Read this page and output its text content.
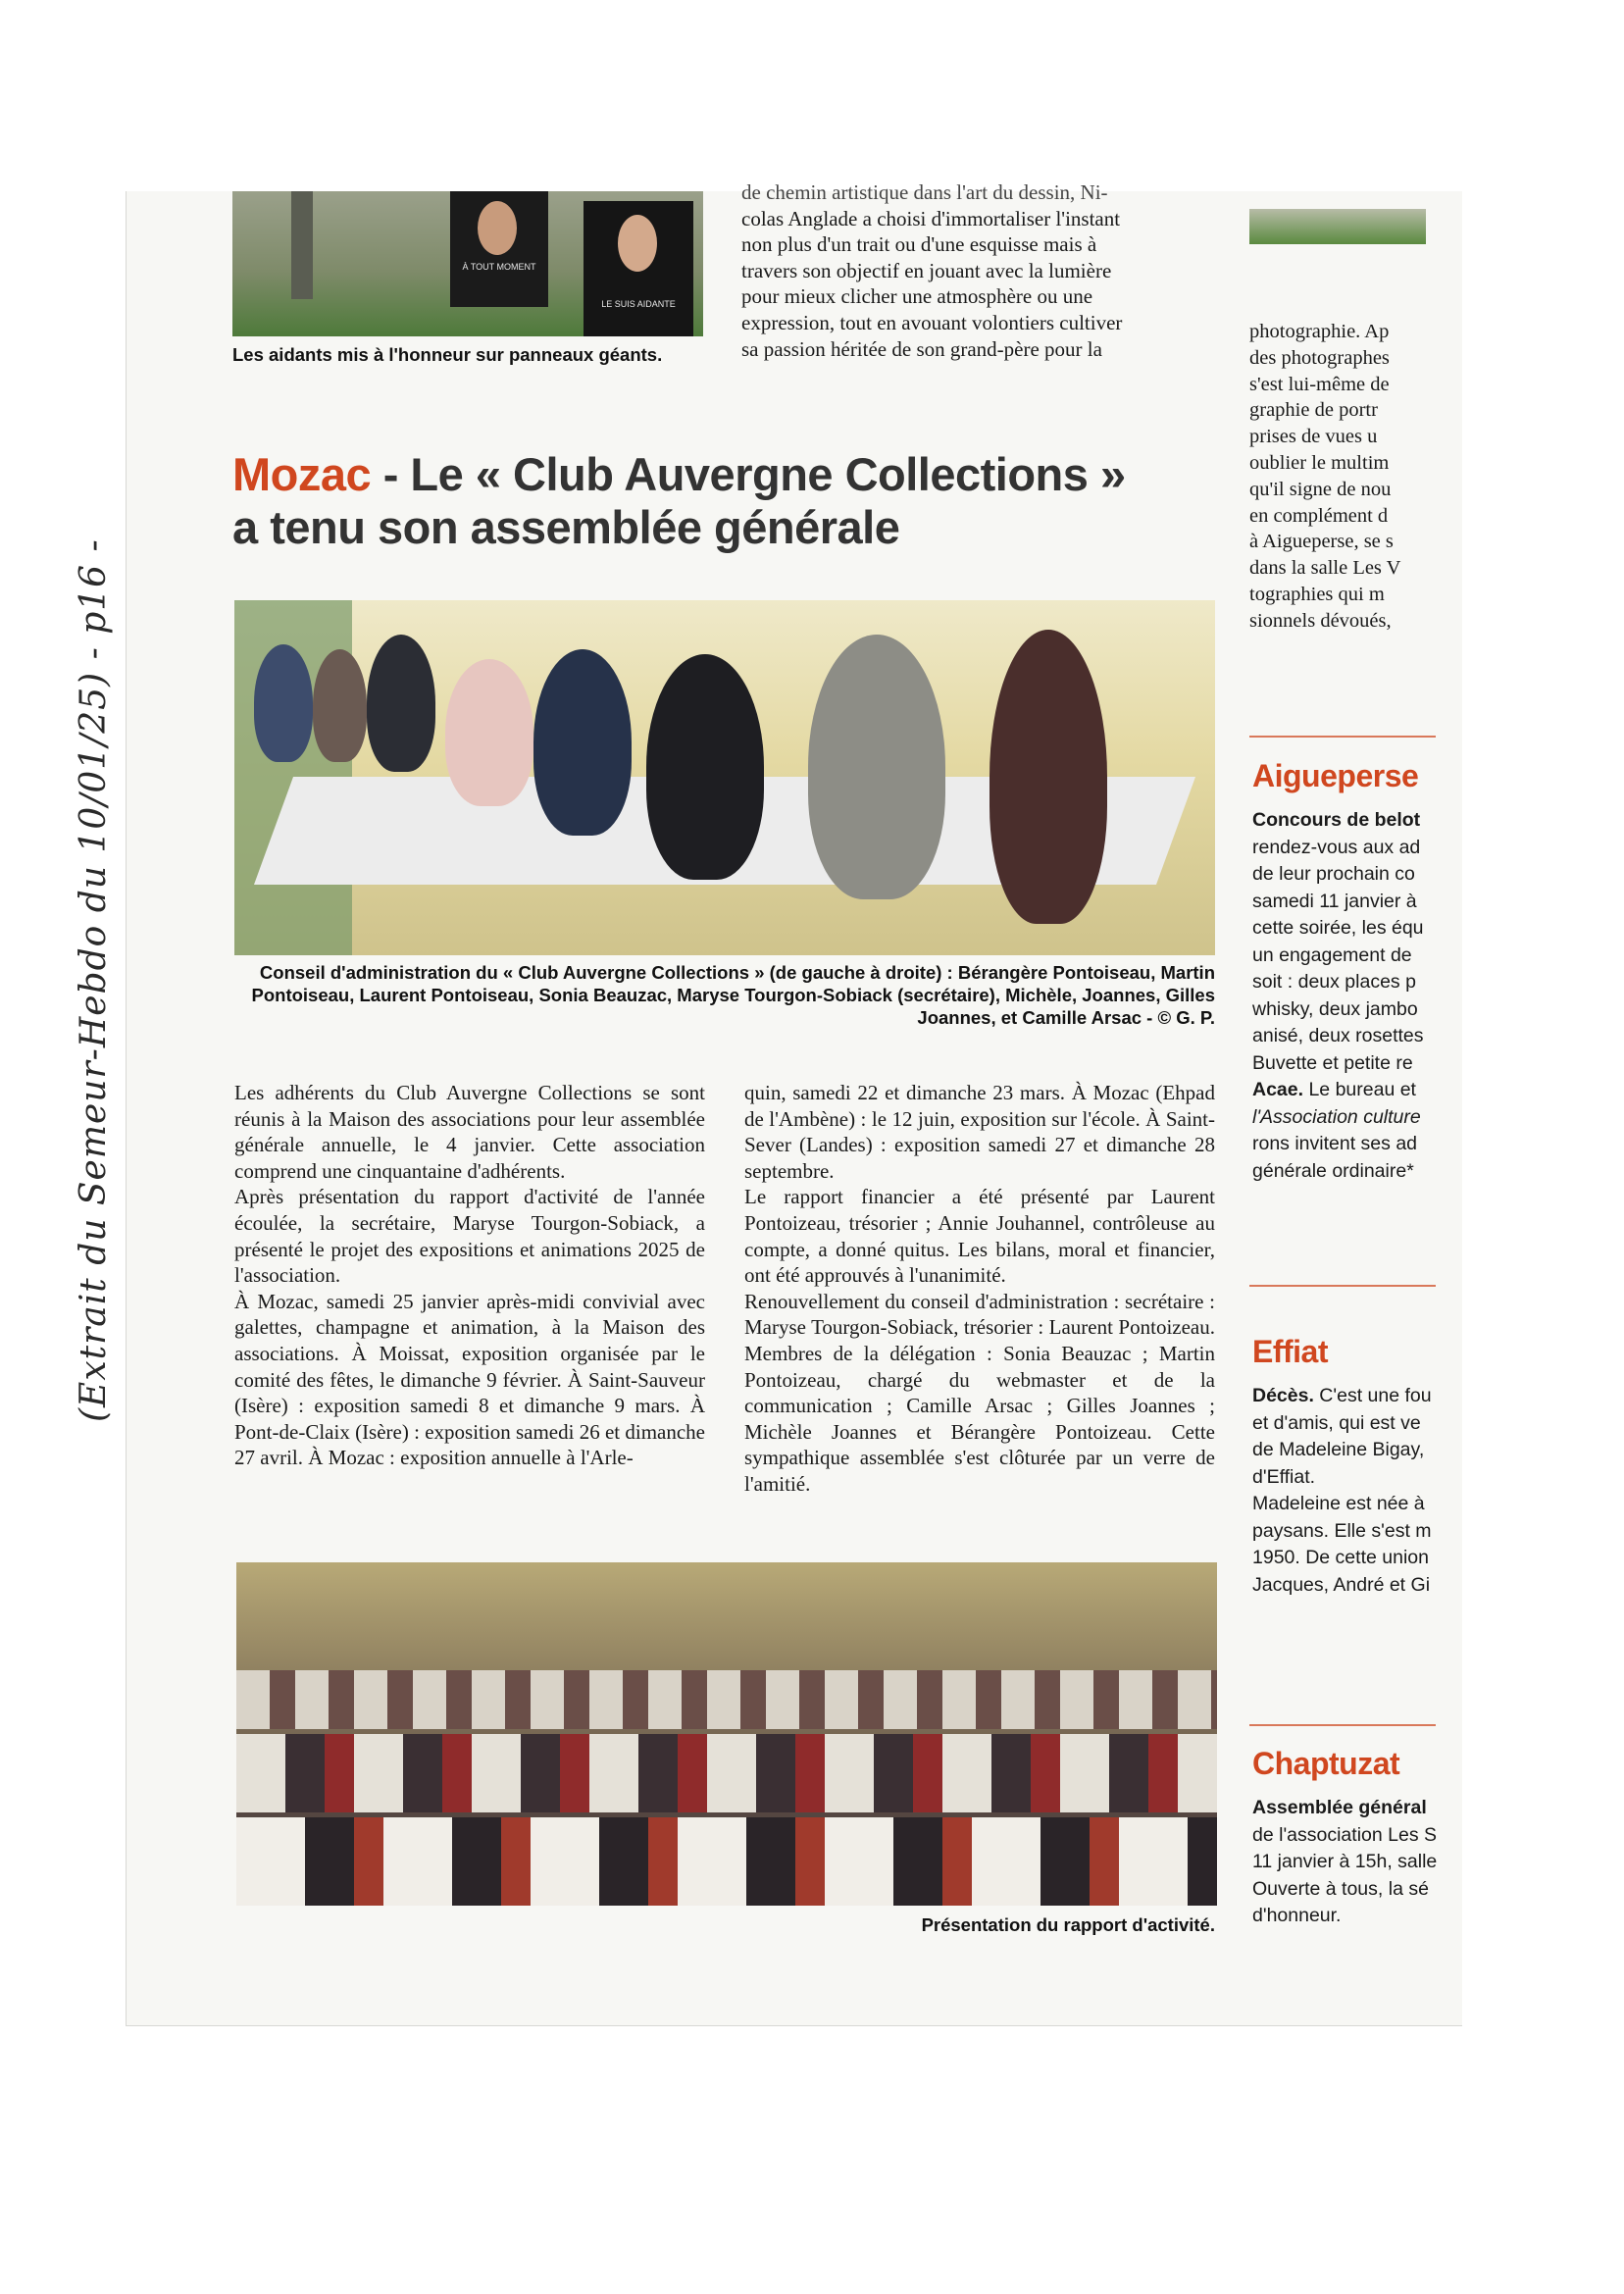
(Extrait du Semeur-Hebdo du 10/01/25) - p16 -
À TOUT MOMENT
LE SUIS AIDANTE
Les aidants mis à l'honneur sur panneaux géants.
de chemin artistique dans l'art du dessin, Ni-
colas Anglade a choisi d'immortaliser l'instant
non plus d'un trait ou d'une esquisse mais à
travers son objectif en jouant avec la lumière
pour mieux clicher une atmosphère ou une
expression, tout en avouant volontiers cultiver
sa passion héritée de son grand-père pour la
Mozac - Le « Club Auvergne Collections »
a tenu son assemblée générale
Conseil d'administration du « Club Auvergne Collections » (de gauche à droite) : Bérangère Pontoiseau, Martin Pontoiseau, Laurent Pontoiseau, Sonia Beauzac, Maryse Tourgon-Sobiack (secrétaire), Michèle, Joannes, Gilles Joannes, et Camille Arsac - © G. P.

Les adhérents du Club Auvergne Collections se sont réunis à la Maison des associations pour leur assemblée générale annuelle, le 4 janvier. Cette association comprend une cinquantaine d'adhérents.

Après présentation du rapport d'activité de l'année écoulée, la secrétaire, Maryse Tourgon-Sobiack, a présenté le projet des expositions et animations 2025 de l'association.

À Mozac, samedi 25 janvier après-midi convivial avec galettes, champagne et animation, à la Maison des associations. À Moissat, exposition organisée par le comité des fêtes, le dimanche 9 février. À Saint-Sauveur (Isère) : exposition samedi 8 et dimanche 9 mars. À Pont-de-Claix (Isère) : exposition samedi 26 et dimanche 27 avril. À Mozac : exposition annuelle à l'Arle-

quin, samedi 22 et dimanche 23 mars. À Mozac (Ehpad de l'Ambène) : le 12 juin, exposition sur l'école. À Saint-Sever (Landes) : exposition samedi 27 et dimanche 28 septembre.

Le rapport financier a été présenté par Laurent Pontoizeau, trésorier ; Annie Jouhannel, contrôleuse au compte, a donné quitus. Les bilans, moral et financier, ont été approuvés à l'unanimité.

Renouvellement du conseil d'administration : secrétaire : Maryse Tourgon-Sobiack, trésorier : Laurent Pontoizeau. Membres de la délégation : Sonia Beauzac ; Martin Pontoizeau, chargé du webmaster et de la communication ; Camille Arsac ; Gilles Joannes ; Michèle Joannes et Bérangère Pontoizeau. Cette sympathique assemblée s'est clôturée par un verre de l'amitié.

Présentation du rapport d'activité.
photographie. Ap
des photographes
s'est lui-même de
graphie de portr
prises de vues u
oublier le multim
qu'il signe de nou
en complément d
à Aigueperse, se s
dans la salle Les V
tographies qui m
sionnels dévoués,
Aigueperse
Concours de belot
rendez-vous aux ad
de leur prochain co
samedi 11 janvier à
cette soirée, les équ
un engagement de
soit : deux places p
whisky, deux jambo
anisé, deux rosettes
Buvette et petite re
Acae. Le bureau et
l'Association culture
rons invitent ses ad
générale ordinaire*
Effiat
Décès. C'est une fou
et d'amis, qui est ve
de Madeleine Bigay,
d'Effiat.
Madeleine est née à
paysans. Elle s'est m
1950. De cette union
Jacques, André et Gi
Chaptuzat
Assemblée général
de l'association Les S
11 janvier à 15h, salle
Ouverte à tous, la sé
d'honneur.
